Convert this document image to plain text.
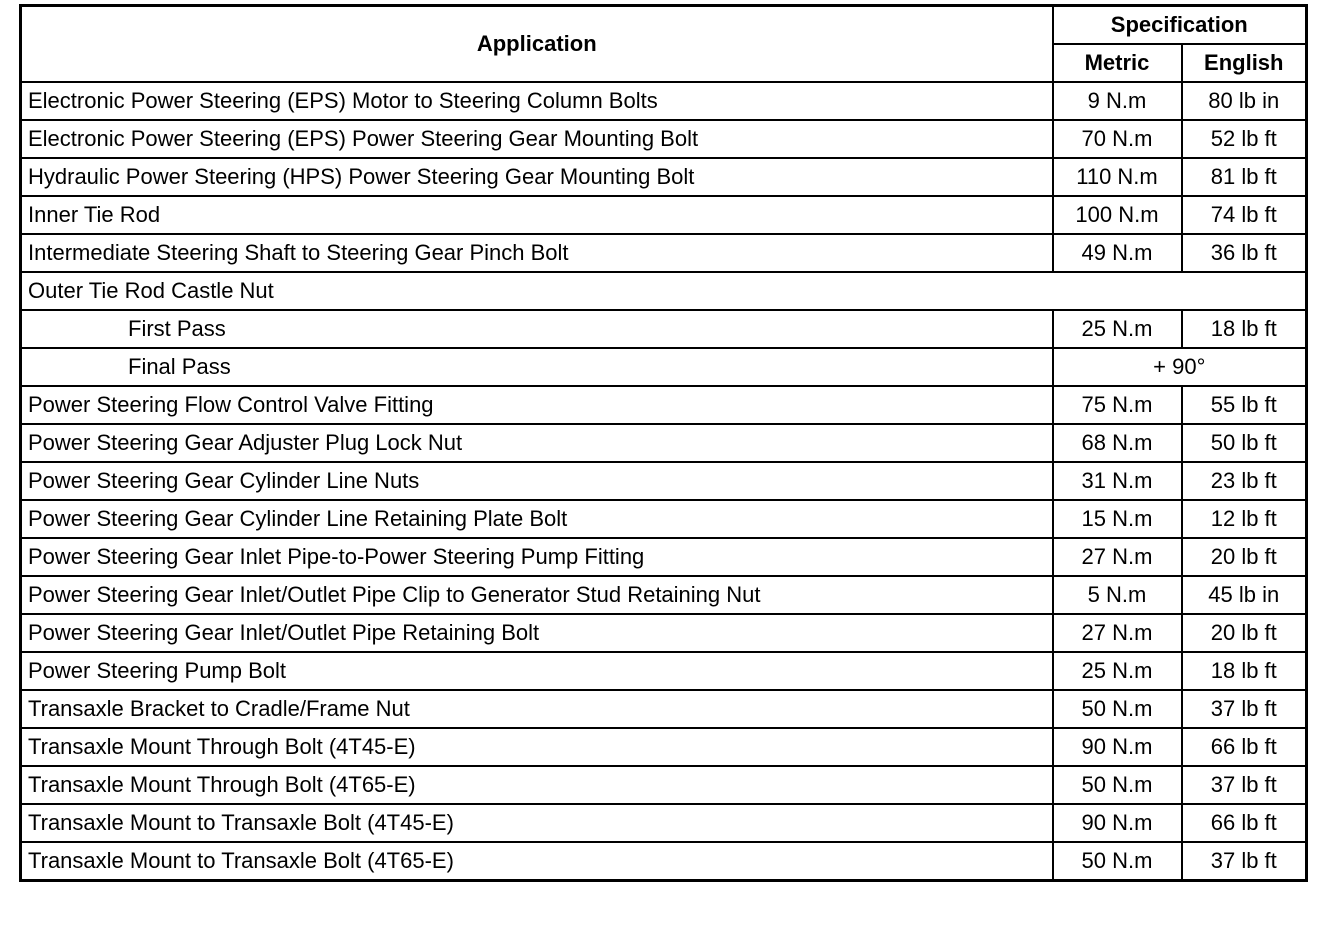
Application	Specification	
	Metric	English
Electronic Power Steering (EPS) Motor to Steering Column Bolts	9 N.m	80 lb in
Electronic Power Steering (EPS) Power Steering Gear Mounting Bolt	70 N.m	52 lb ft
Hydraulic Power Steering (HPS) Power Steering Gear Mounting Bolt	110 N.m	81 lb ft
Inner Tie Rod	100 N.m	74 lb ft
Intermediate Steering Shaft to Steering Gear Pinch Bolt	49 N.m	36 lb ft
Outer Tie Rod Castle Nut		
First Pass	25 N.m	18 lb ft
Final Pass	+ 90°	
Power Steering Flow Control Valve Fitting	75 N.m	55 lb ft
Power Steering Gear Adjuster Plug Lock Nut	68 N.m	50 lb ft
Power Steering Gear Cylinder Line Nuts	31 N.m	23 lb ft
Power Steering Gear Cylinder Line Retaining Plate Bolt	15 N.m	12 lb ft
Power Steering Gear Inlet Pipe-to-Power Steering Pump Fitting	27 N.m	20 lb ft
Power Steering Gear Inlet/Outlet Pipe Clip to Generator Stud Retaining Nut	5 N.m	45 lb in
Power Steering Gear Inlet/Outlet Pipe Retaining Bolt	27 N.m	20 lb ft
Power Steering Pump Bolt	25 N.m	18 lb ft
Transaxle Bracket to Cradle/Frame Nut	50 N.m	37 lb ft
Transaxle Mount Through Bolt (4T45-E)	90 N.m	66 lb ft
Transaxle Mount Through Bolt (4T65-E)	50 N.m	37 lb ft
Transaxle Mount to Transaxle Bolt (4T45-E)	90 N.m	66 lb ft
Transaxle Mount to Transaxle Bolt (4T65-E)	50 N.m	37 lb ft
